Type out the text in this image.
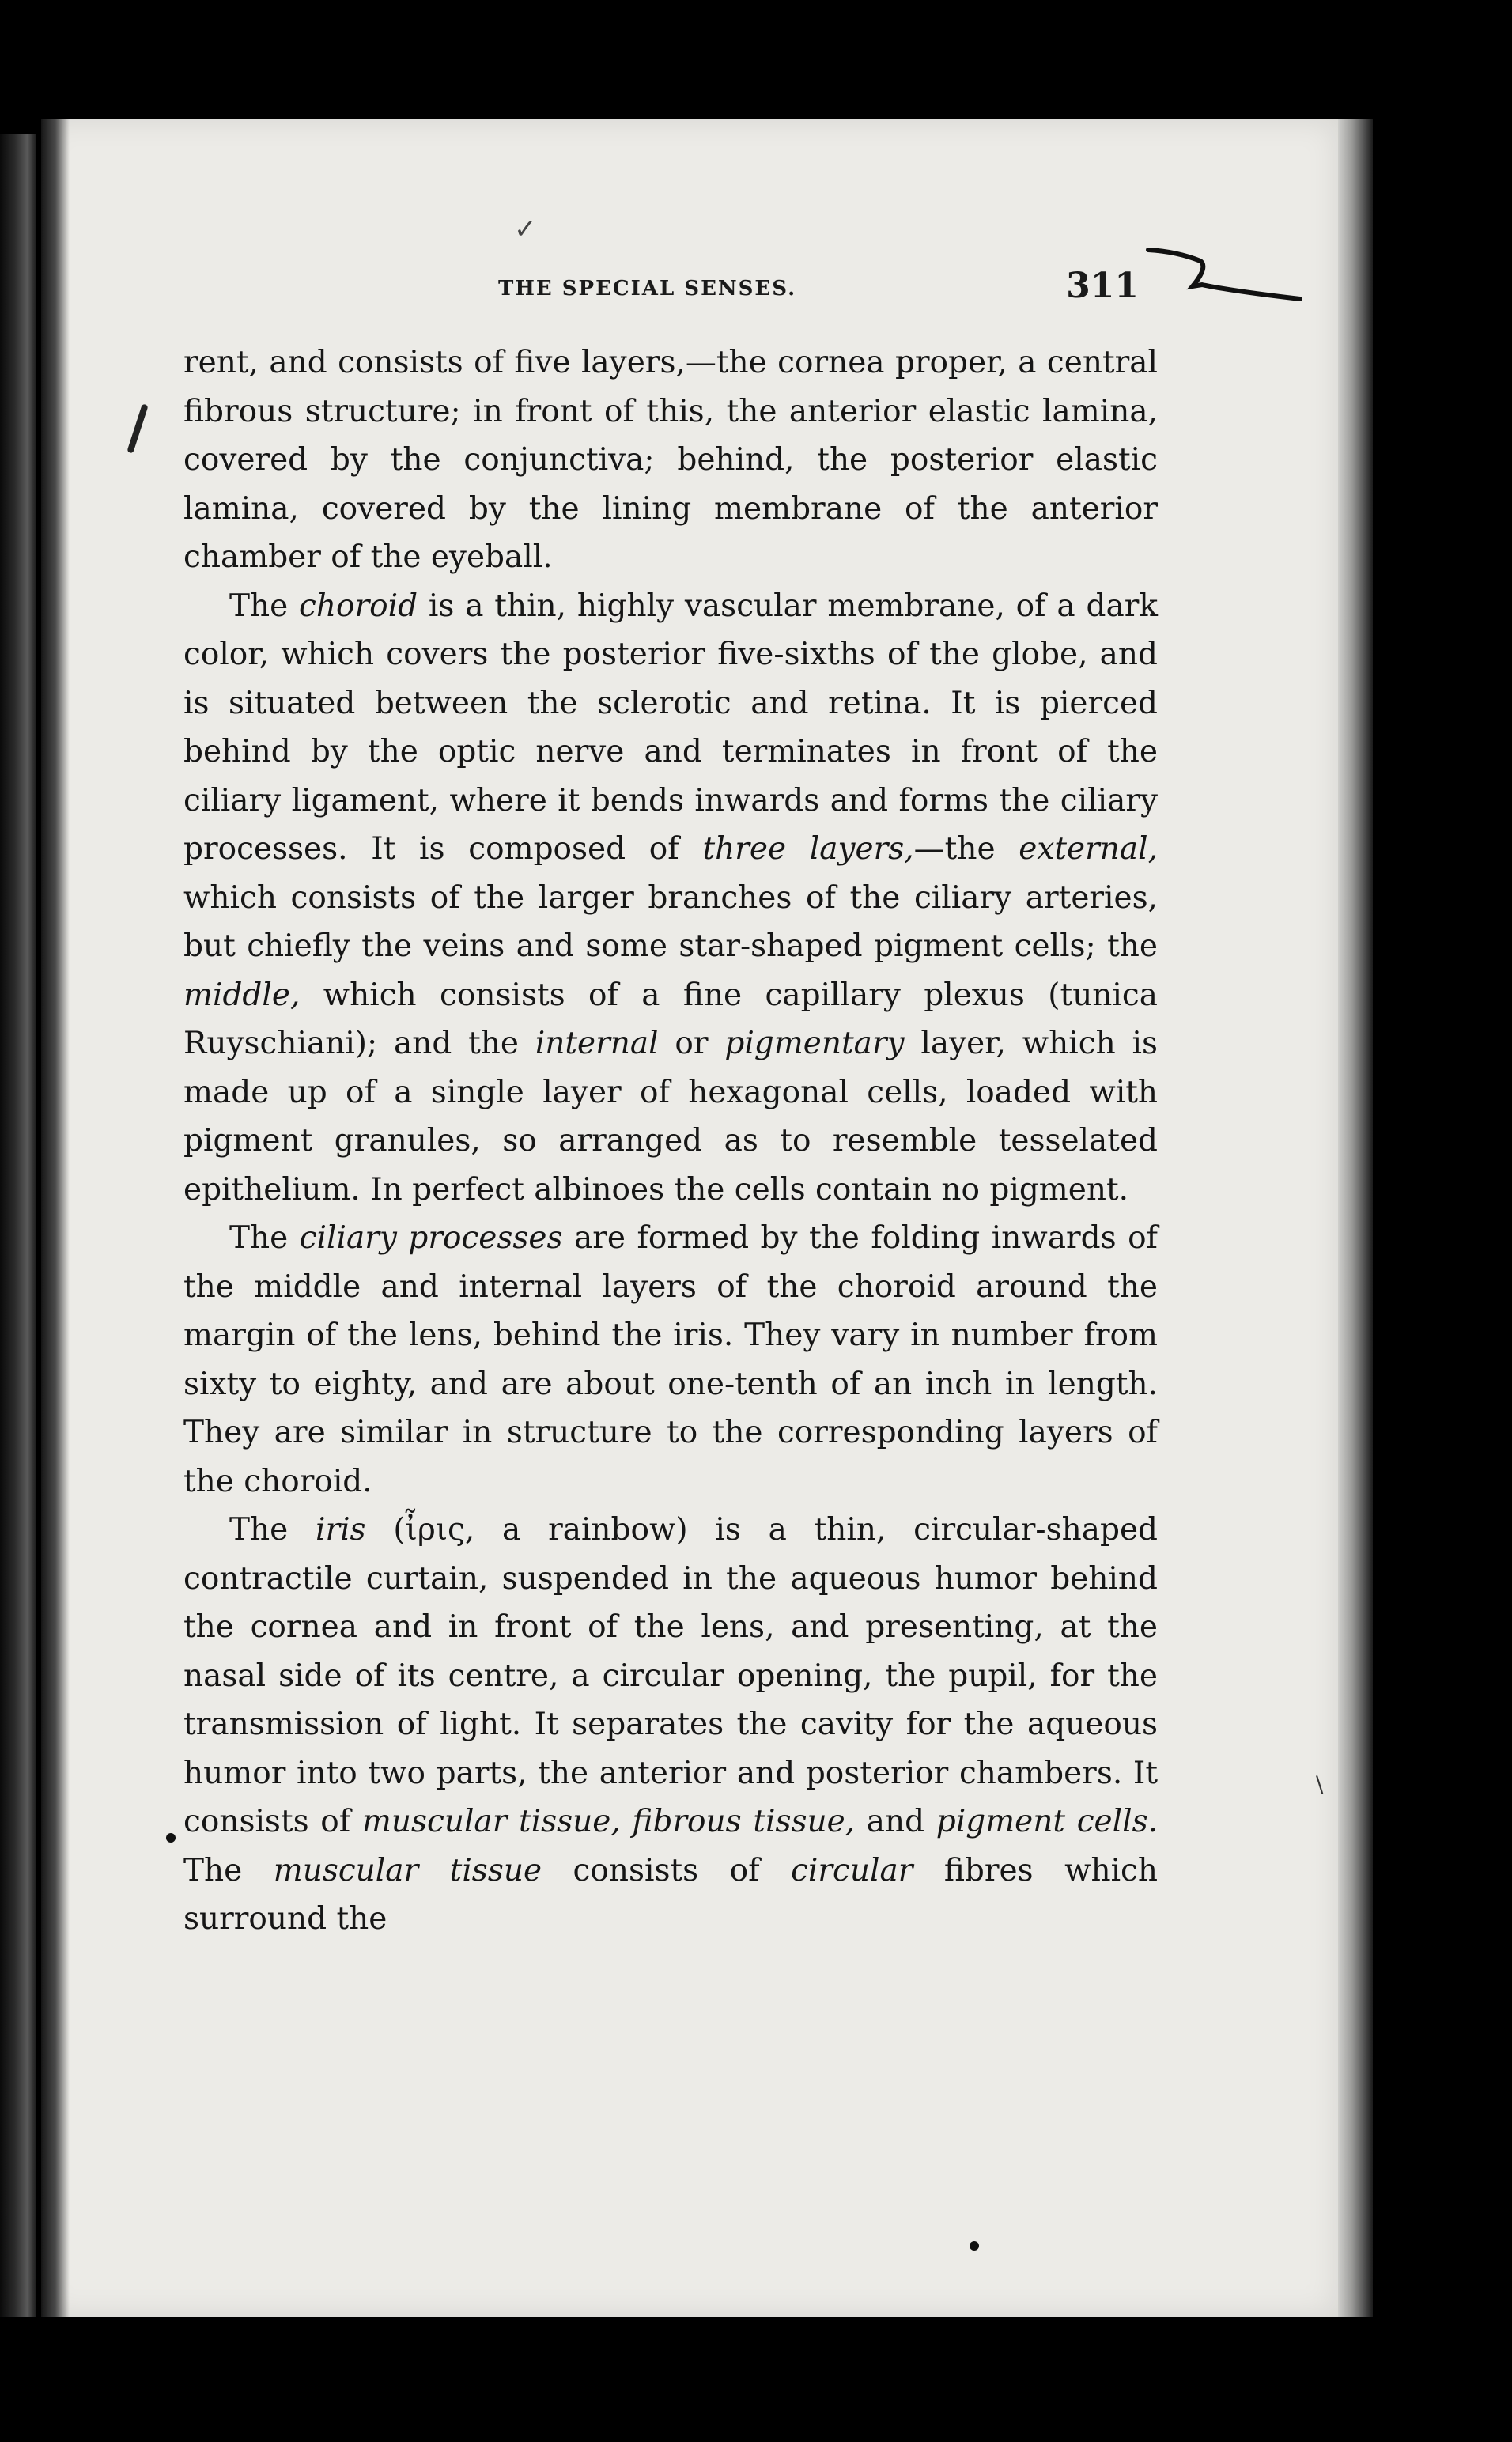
✓
\
THE SPECIAL SENSES.	311

rent, and consists of five layers,—the cornea proper, a central fibrous structure; in front of this, the anterior elastic lamina, covered by the conjunctiva; behind, the posterior elastic lamina, covered by the lining membrane of the anterior chamber of the eyeball.

The choroid is a thin, highly vascular membrane, of a dark color, which covers the posterior five-sixths of the globe, and is situated between the sclerotic and retina. It is pierced behind by the optic nerve and terminates in front of the ciliary ligament, where it bends inwards and forms the ciliary processes. It is composed of three layers,—the external, which consists of the larger branches of the ciliary arteries, but chiefly the veins and some star-shaped pigment cells; the middle, which consists of a fine capillary plexus (tunica Ruyschiani); and the internal or pigmentary layer, which is made up of a single layer of hexagonal cells, loaded with pigment granules, so arranged as to resemble tesselated epithelium. In perfect albinoes the cells contain no pigment.

The ciliary processes are formed by the folding inwards of the middle and internal layers of the choroid around the margin of the lens, behind the iris. They vary in number from sixty to eighty, and are about one-tenth of an inch in length. They are similar in structure to the corresponding layers of the choroid.

The iris (ἶρις, a rainbow) is a thin, circular-shaped contractile curtain, suspended in the aqueous humor behind the cornea and in front of the lens, and presenting, at the nasal side of its centre, a circular opening, the pupil, for the transmission of light. It separates the cavity for the aqueous humor into two parts, the anterior and posterior chambers. It consists of muscular tissue, fibrous tissue, and pigment cells. The muscular tissue consists of circular fibres which surround the
